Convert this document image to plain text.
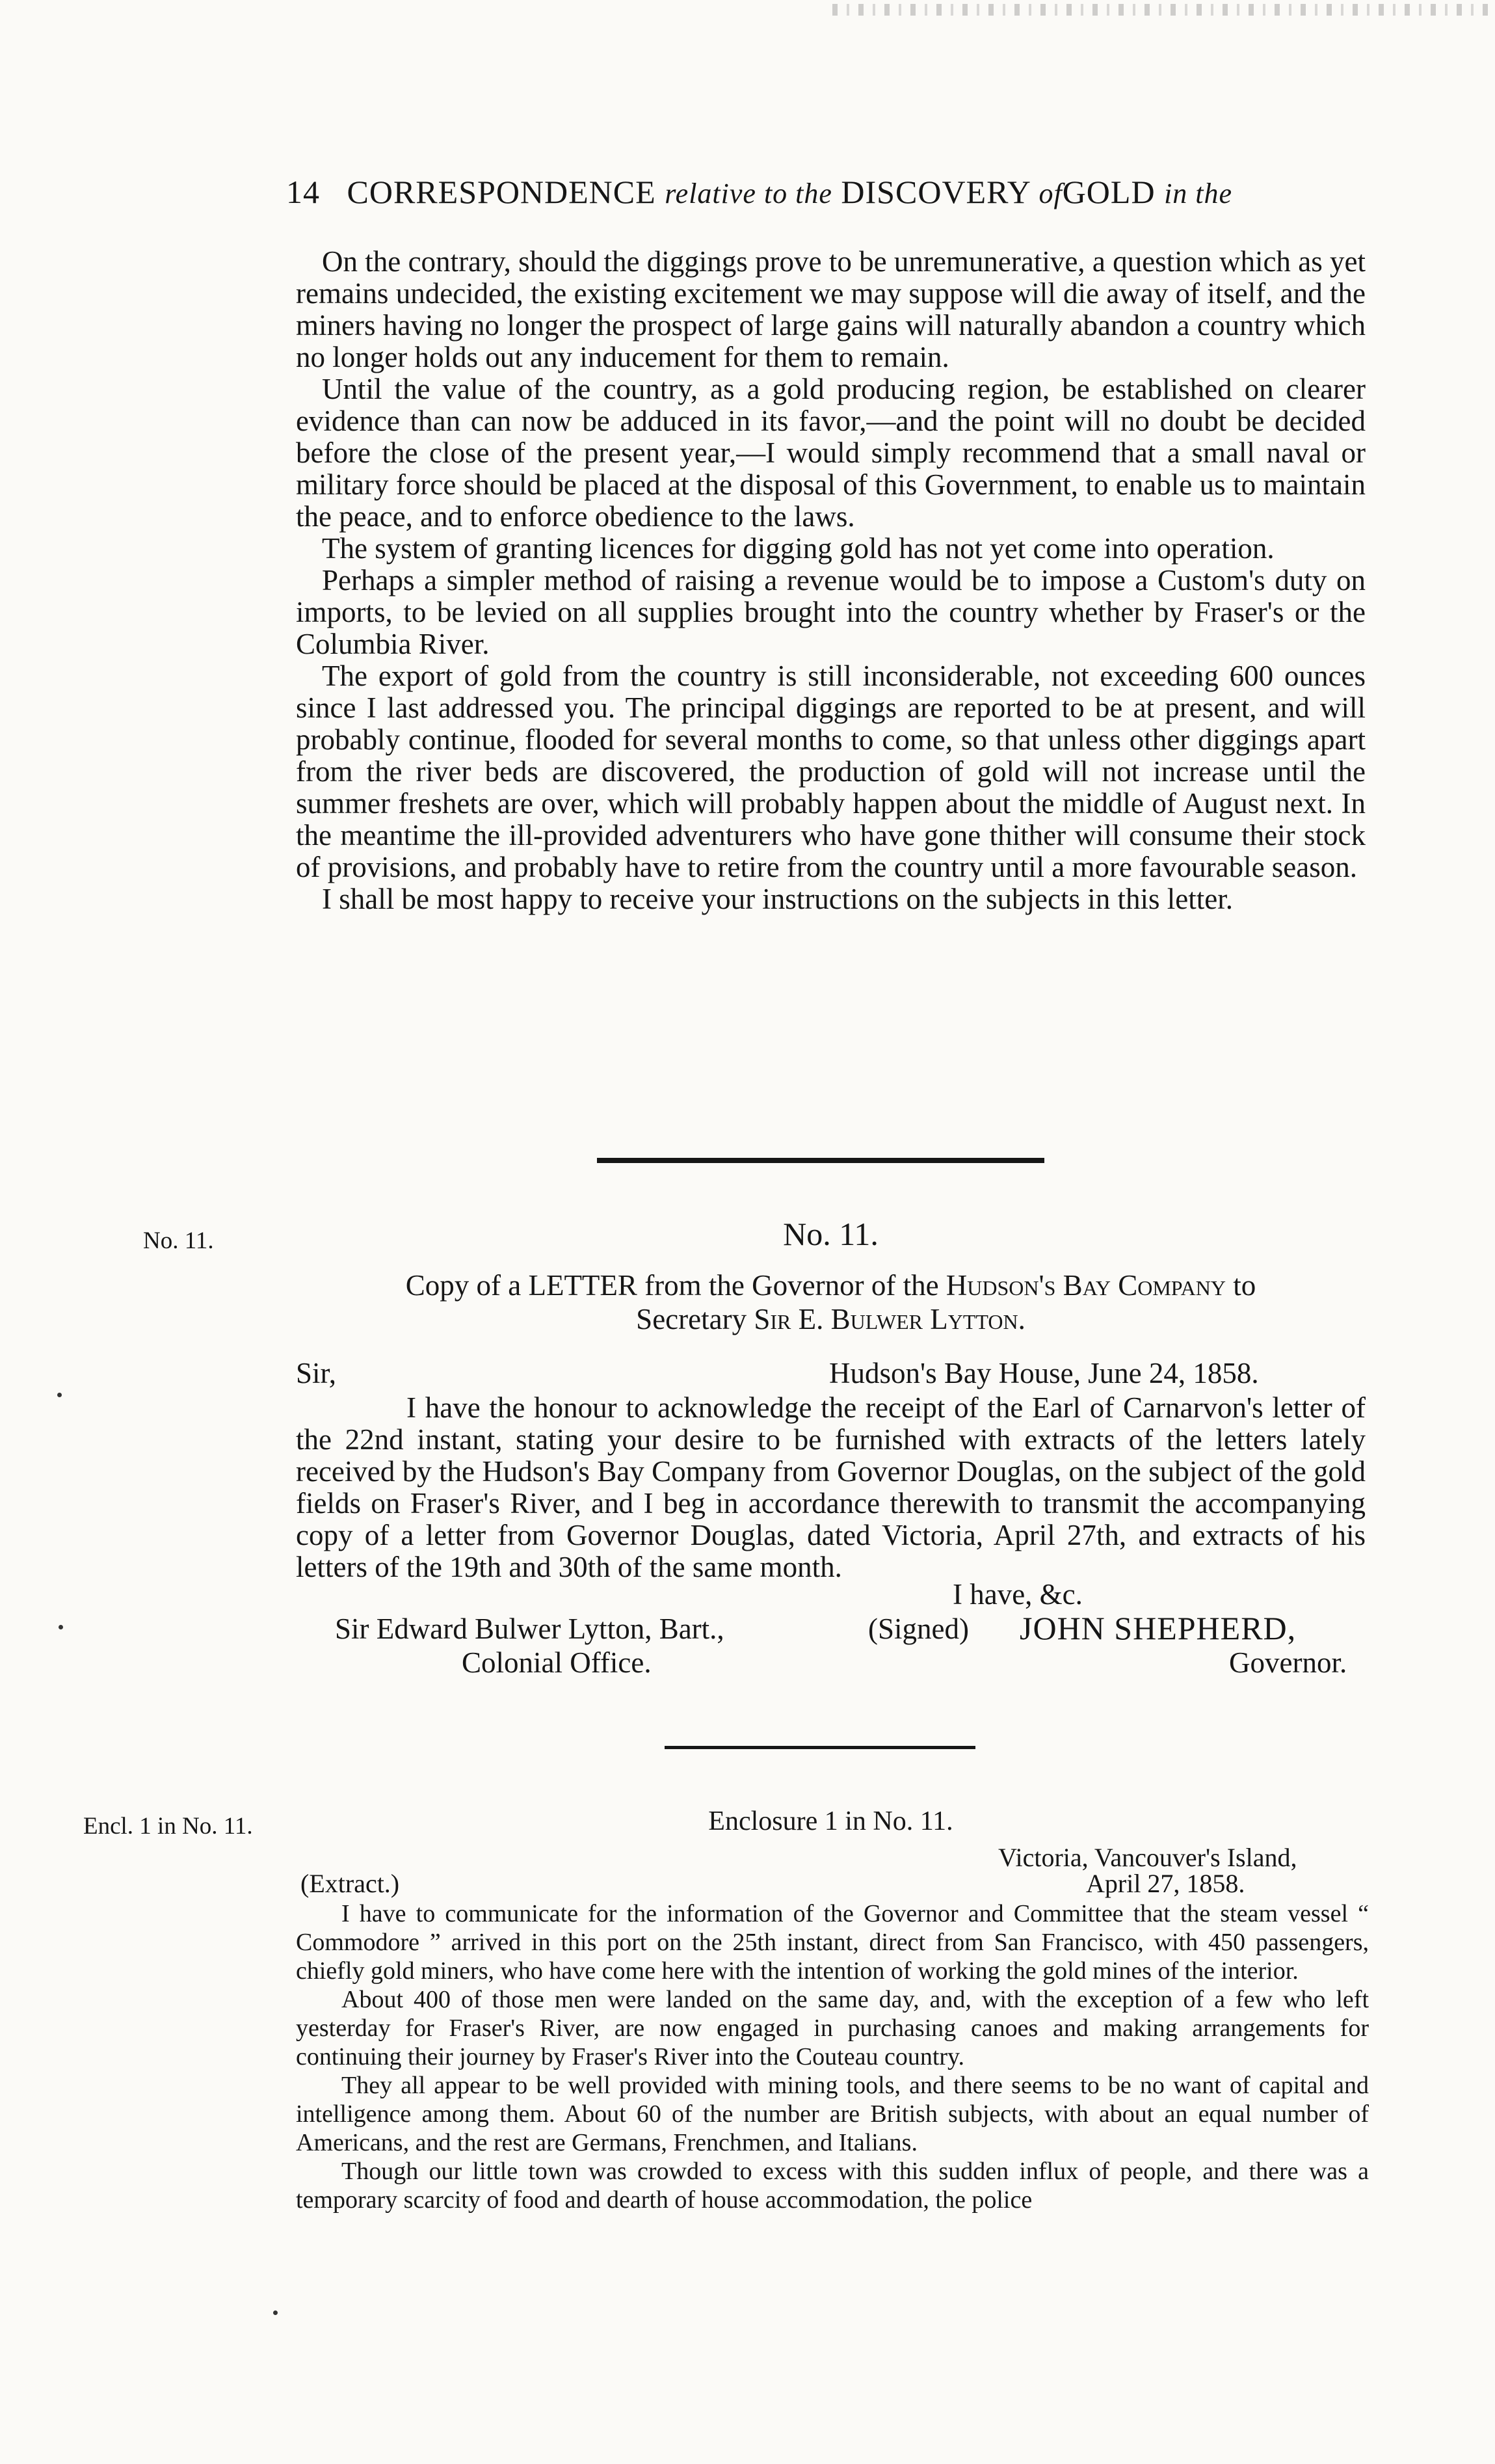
14 CORRESPONDENCE relative to the DISCOVERY ofGOLD in the

On the contrary, should the diggings prove to be unremunerative, a question which as yet remains undecided, the existing excitement we may suppose will die away of itself, and the miners having no longer the prospect of large gains will naturally abandon a country which no longer holds out any inducement for them to remain.

Until the value of the country, as a gold producing region, be established on clearer evidence than can now be adduced in its favor,—and the point will no doubt be decided before the close of the present year,—I would simply recommend that a small naval or military force should be placed at the disposal of this Government, to enable us to maintain the peace, and to enforce obedience to the laws.

The system of granting licences for digging gold has not yet come into operation.

Perhaps a simpler method of raising a revenue would be to impose a Custom's duty on imports, to be levied on all supplies brought into the country whether by Fraser's or the Columbia River.

The export of gold from the country is still inconsiderable, not exceeding 600 ounces since I last addressed you. The principal diggings are reported to be at present, and will probably continue, flooded for several months to come, so that unless other diggings apart from the river beds are discovered, the production of gold will not increase until the summer freshets are over, which will probably happen about the middle of August next. In the meantime the ill-provided adventurers who have gone thither will consume their stock of provisions, and probably have to retire from the country until a more favourable season.

I shall be most happy to receive your instructions on the subjects in this letter.

No. 11.	No. 11.
Copy of a LETTER from the Governor of the Hudson's Bay Company to
Secretary Sir E. Bulwer Lytton.
Sir,	Hudson's Bay House, June 24, 1858.

I have the honour to acknowledge the receipt of the Earl of Carnarvon's letter of the 22nd instant, stating your desire to be furnished with extracts of the letters lately received by the Hudson's Bay Company from Governor Douglas, on the subject of the gold fields on Fraser's River, and I beg in accordance therewith to transmit the accompanying copy of a letter from Governor Douglas, dated Victoria, April 27th, and extracts of his letters of the 19th and 30th of the same month.

I have, &c.
Sir Edward Bulwer Lytton, Bart.,
Colonial Office.
(Signed) JOHN SHEPHERD,
Governor.
Encl. 1 in No. 11.	Enclosure 1 in No. 11.
Victoria, Vancouver's Island,
(Extract.)	April 27, 1858.

I have to communicate for the information of the Governor and Committee that the steam vessel “ Commodore ” arrived in this port on the 25th instant, direct from San Francisco, with 450 passengers, chiefly gold miners, who have come here with the intention of working the gold mines of the interior.

About 400 of those men were landed on the same day, and, with the exception of a few who left yesterday for Fraser's River, are now engaged in purchasing canoes and making arrangements for continuing their journey by Fraser's River into the Couteau country.

They all appear to be well provided with mining tools, and there seems to be no want of capital and intelligence among them. About 60 of the number are British subjects, with about an equal number of Americans, and the rest are Germans, Frenchmen, and Italians.

Though our little town was crowded to excess with this sudden influx of people, and there was a temporary scarcity of food and dearth of house accommodation, the police
